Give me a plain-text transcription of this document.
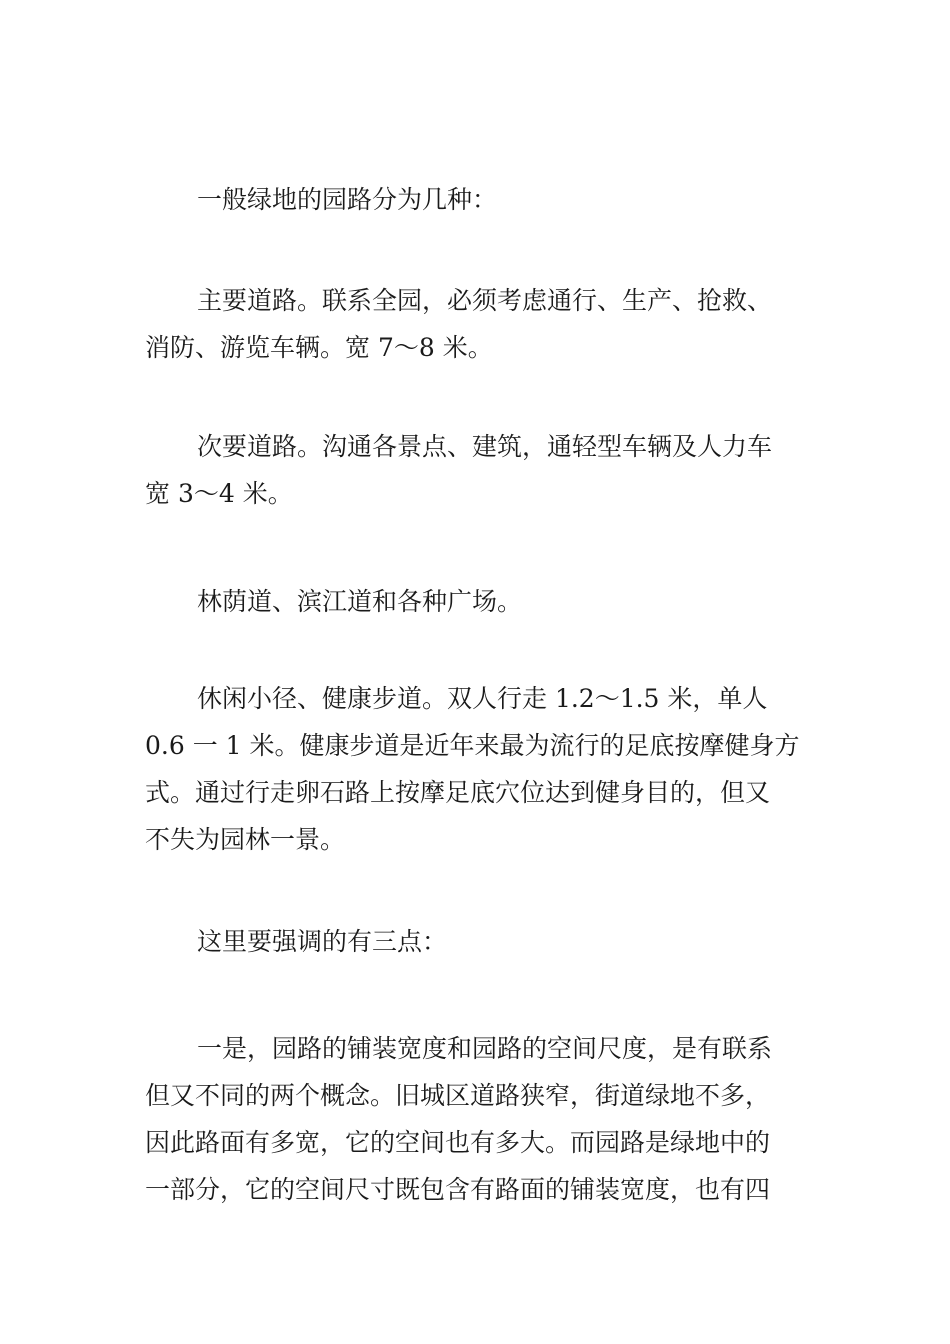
一般绿地的园路分为几种：

主要道路。联系全园，必须考虑通行、生产、抢救、
消防、游览车辆。宽 7～8 米。

次要道路。沟通各景点、建筑，通轻型车辆及人力车
宽 3～4 米。

林荫道、滨江道和各种广场。

休闲小径、健康步道。双人行走 1.2～1.5 米，单人
0.6 一 1 米。健康步道是近年来最为流行的足底按摩健身方
式。通过行走卵石路上按摩足底穴位达到健身目的，但又
不失为园林一景。

这里要强调的有三点：

一是，园路的铺装宽度和园路的空间尺度，是有联系
但又不同的两个概念。旧城区道路狭窄，街道绿地不多，
因此路面有多宽，它的空间也有多大。而园路是绿地中的
一部分，它的空间尺寸既包含有路面的铺装宽度，也有四
